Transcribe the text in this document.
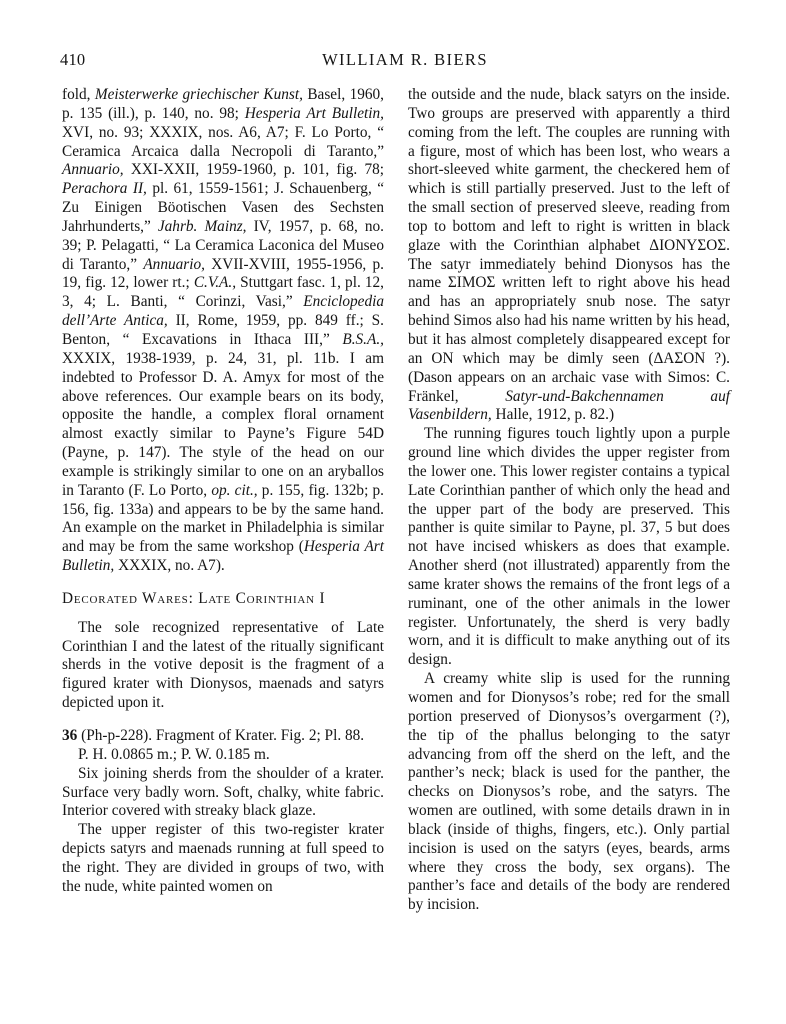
410	WILLIAM R. BIERS

fold, Meisterwerke griechischer Kunst, Basel, 1960, p. 135 (ill.), p. 140, no. 98; Hesperia Art Bulletin, XVI, no. 93; XXXIX, nos. A6, A7; F. Lo Porto, “ Ceramica Arcaica dalla Necropoli di Taranto,” Annuario, XXI-XXII, 1959-1960, p. 101, fig. 78; Perachora II, pl. 61, 1559-1561; J. Schauenberg, “ Zu Einigen Böotischen Vasen des Sechsten Jahrhunderts,” Jahrb. Mainz, IV, 1957, p. 68, no. 39; P. Pelagatti, “ La Ceramica Laconica del Museo di Taranto,” Annuario, XVII-XVIII, 1955-1956, p. 19, fig. 12, lower rt.; C.V.A., Stuttgart fasc. 1, pl. 12, 3, 4; L. Banti, “ Corinzi, Vasi,” Enciclopedia dell’Arte Antica, II, Rome, 1959, pp. 849 ff.; S. Benton, “ Excavations in Ithaca III,” B.S.A., XXXIX, 1938-1939, p. 24, 31, pl. 11b. I am indebted to Professor D. A. Amyx for most of the above references. Our example bears on its body, opposite the handle, a complex floral ornament almost exactly similar to Payne’s Figure 54D (Payne, p. 147). The style of the head on our example is strikingly similar to one on an aryballos in Taranto (F. Lo Porto, op. cit., p. 155, fig. 132b; p. 156, fig. 133a) and appears to be by the same hand. An example on the market in Philadelphia is similar and may be from the same workshop (Hesperia Art Bulletin, XXXIX, no. A7).

Decorated Wares: Late Corinthian I

The sole recognized representative of Late Corinthian I and the latest of the ritually significant sherds in the votive deposit is the fragment of a figured krater with Dionysos, maenads and satyrs depicted upon it.

36 (Ph-p-228). Fragment of Krater. Fig. 2; Pl. 88.

P. H. 0.0865 m.; P. W. 0.185 m.

Six joining sherds from the shoulder of a krater. Surface very badly worn. Soft, chalky, white fabric. Interior covered with streaky black glaze.

The upper register of this two-register krater depicts satyrs and maenads running at full speed to the right. They are divided in groups of two, with the nude, white painted women on

the outside and the nude, black satyrs on the inside. Two groups are preserved with apparently a third coming from the left. The couples are running with a figure, most of which has been lost, who wears a short-sleeved white garment, the checkered hem of which is still partially preserved. Just to the left of the small section of preserved sleeve, reading from top to bottom and left to right is written in black glaze with the Corinthian alphabet ΔΙΟΝΥΣΟΣ. The satyr immediately behind Dionysos has the name ΣΙΜΟΣ written left to right above his head and has an appropriately snub nose. The satyr behind Simos also had his name written by his head, but it has almost completely disappeared except for an ON which may be dimly seen (ΔΑΣΟΝ ?). (Dason appears on an archaic vase with Simos: C. Fränkel, Satyr-und-Bakchennamen auf Vasenbildern, Halle, 1912, p. 82.)

The running figures touch lightly upon a purple ground line which divides the upper register from the lower one. This lower register contains a typical Late Corinthian panther of which only the head and the upper part of the body are preserved. This panther is quite similar to Payne, pl. 37, 5 but does not have incised whiskers as does that example. Another sherd (not illustrated) apparently from the same krater shows the remains of the front legs of a ruminant, one of the other animals in the lower register. Unfortunately, the sherd is very badly worn, and it is difficult to make anything out of its design.

A creamy white slip is used for the running women and for Dionysos’s robe; red for the small portion preserved of Dionysos’s overgarment (?), the tip of the phallus belonging to the satyr advancing from off the sherd on the left, and the panther’s neck; black is used for the panther, the checks on Dionysos’s robe, and the satyrs. The women are outlined, with some details drawn in in black (inside of thighs, fingers, etc.). Only partial incision is used on the satyrs (eyes, beards, arms where they cross the body, sex organs). The panther’s face and details of the body are rendered by incision.
